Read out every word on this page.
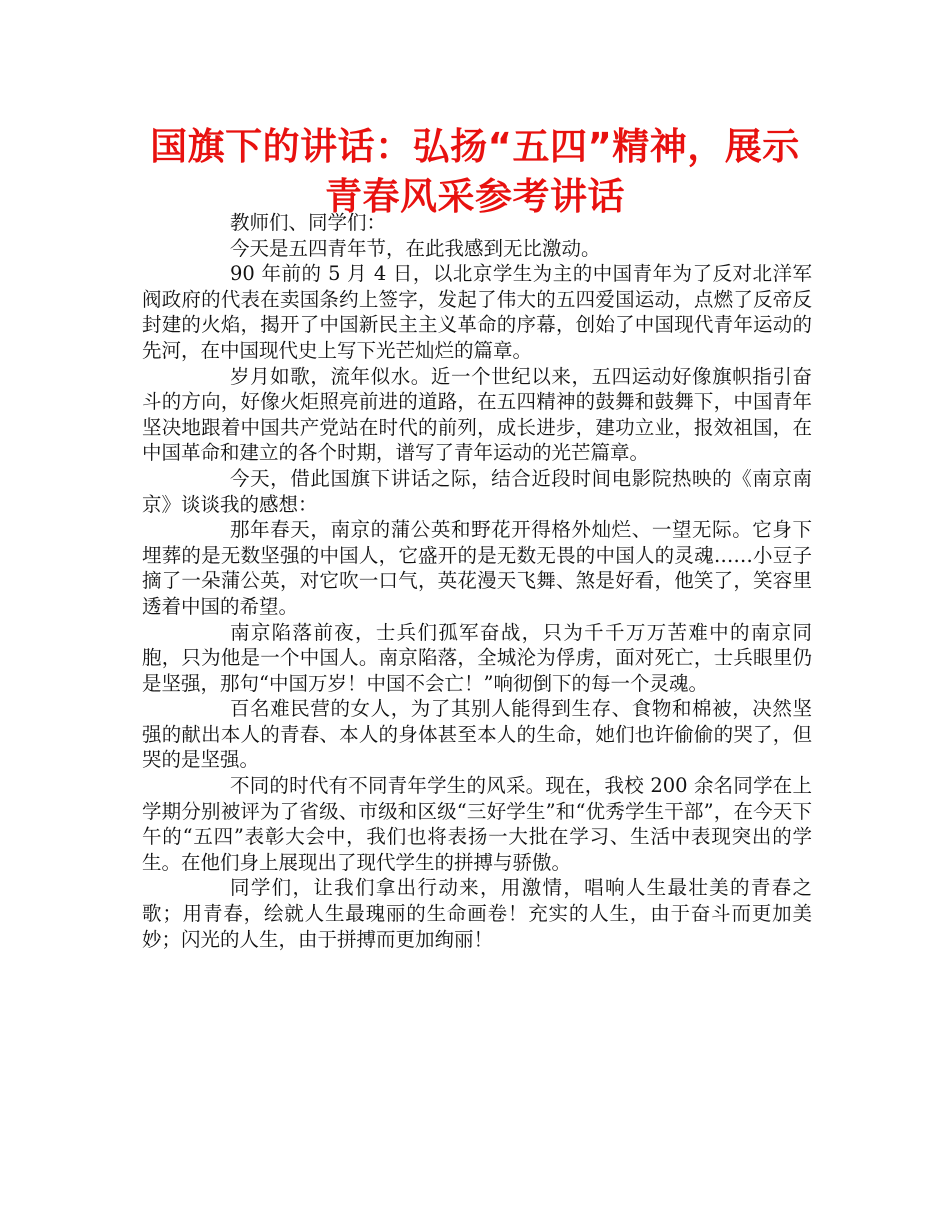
国旗下的讲话：弘扬“五四”精神，展示青春风采参考讲话

教师们、同学们：

今天是五四青年节，在此我感到无比激动。

90 年前的 5 月 4 日，以北京学生为主的中国青年为了反对北洋军阀政府的代表在卖国条约上签字，发起了伟大的五四爱国运动，点燃了反帝反封建的火焰，揭开了中国新民主主义革命的序幕，创始了中国现代青年运动的先河，在中国现代史上写下光芒灿烂的篇章。

岁月如歌，流年似水。近一个世纪以来，五四运动好像旗帜指引奋斗的方向，好像火炬照亮前进的道路，在五四精神的鼓舞和鼓舞下，中国青年坚决地跟着中国共产党站在时代的前列，成长进步，建功立业，报效祖国，在中国革命和建立的各个时期，谱写了青年运动的光芒篇章。

今天，借此国旗下讲话之际，结合近段时间电影院热映的《南京南京》谈谈我的感想：

那年春天，南京的蒲公英和野花开得格外灿烂、一望无际。它身下埋葬的是无数坚强的中国人，它盛开的是无数无畏的中国人的灵魂……小豆子摘了一朵蒲公英，对它吹一口气，英花漫天飞舞、煞是好看，他笑了，笑容里透着中国的希望。

南京陷落前夜，士兵们孤军奋战，只为千千万万苦难中的南京同胞，只为他是一个中国人。南京陷落，全城沦为俘虏，面对死亡，士兵眼里仍是坚强，那句“中国万岁！中国不会亡！”响彻倒下的每一个灵魂。

百名难民营的女人，为了其别人能得到生存、食物和棉被，决然坚强的献出本人的青春、本人的身体甚至本人的生命，她们也许偷偷的哭了，但哭的是坚强。

不同的时代有不同青年学生的风采。现在，我校 200 余名同学在上学期分别被评为了省级、市级和区级“三好学生”和“优秀学生干部”，在今天下午的“五四”表彰大会中，我们也将表扬一大批在学习、生活中表现突出的学生。在他们身上展现出了现代学生的拼搏与骄傲。

同学们，让我们拿出行动来，用激情，唱响人生最壮美的青春之歌；用青春，绘就人生最瑰丽的生命画卷！充实的人生，由于奋斗而更加美妙；闪光的人生，由于拼搏而更加绚丽！
